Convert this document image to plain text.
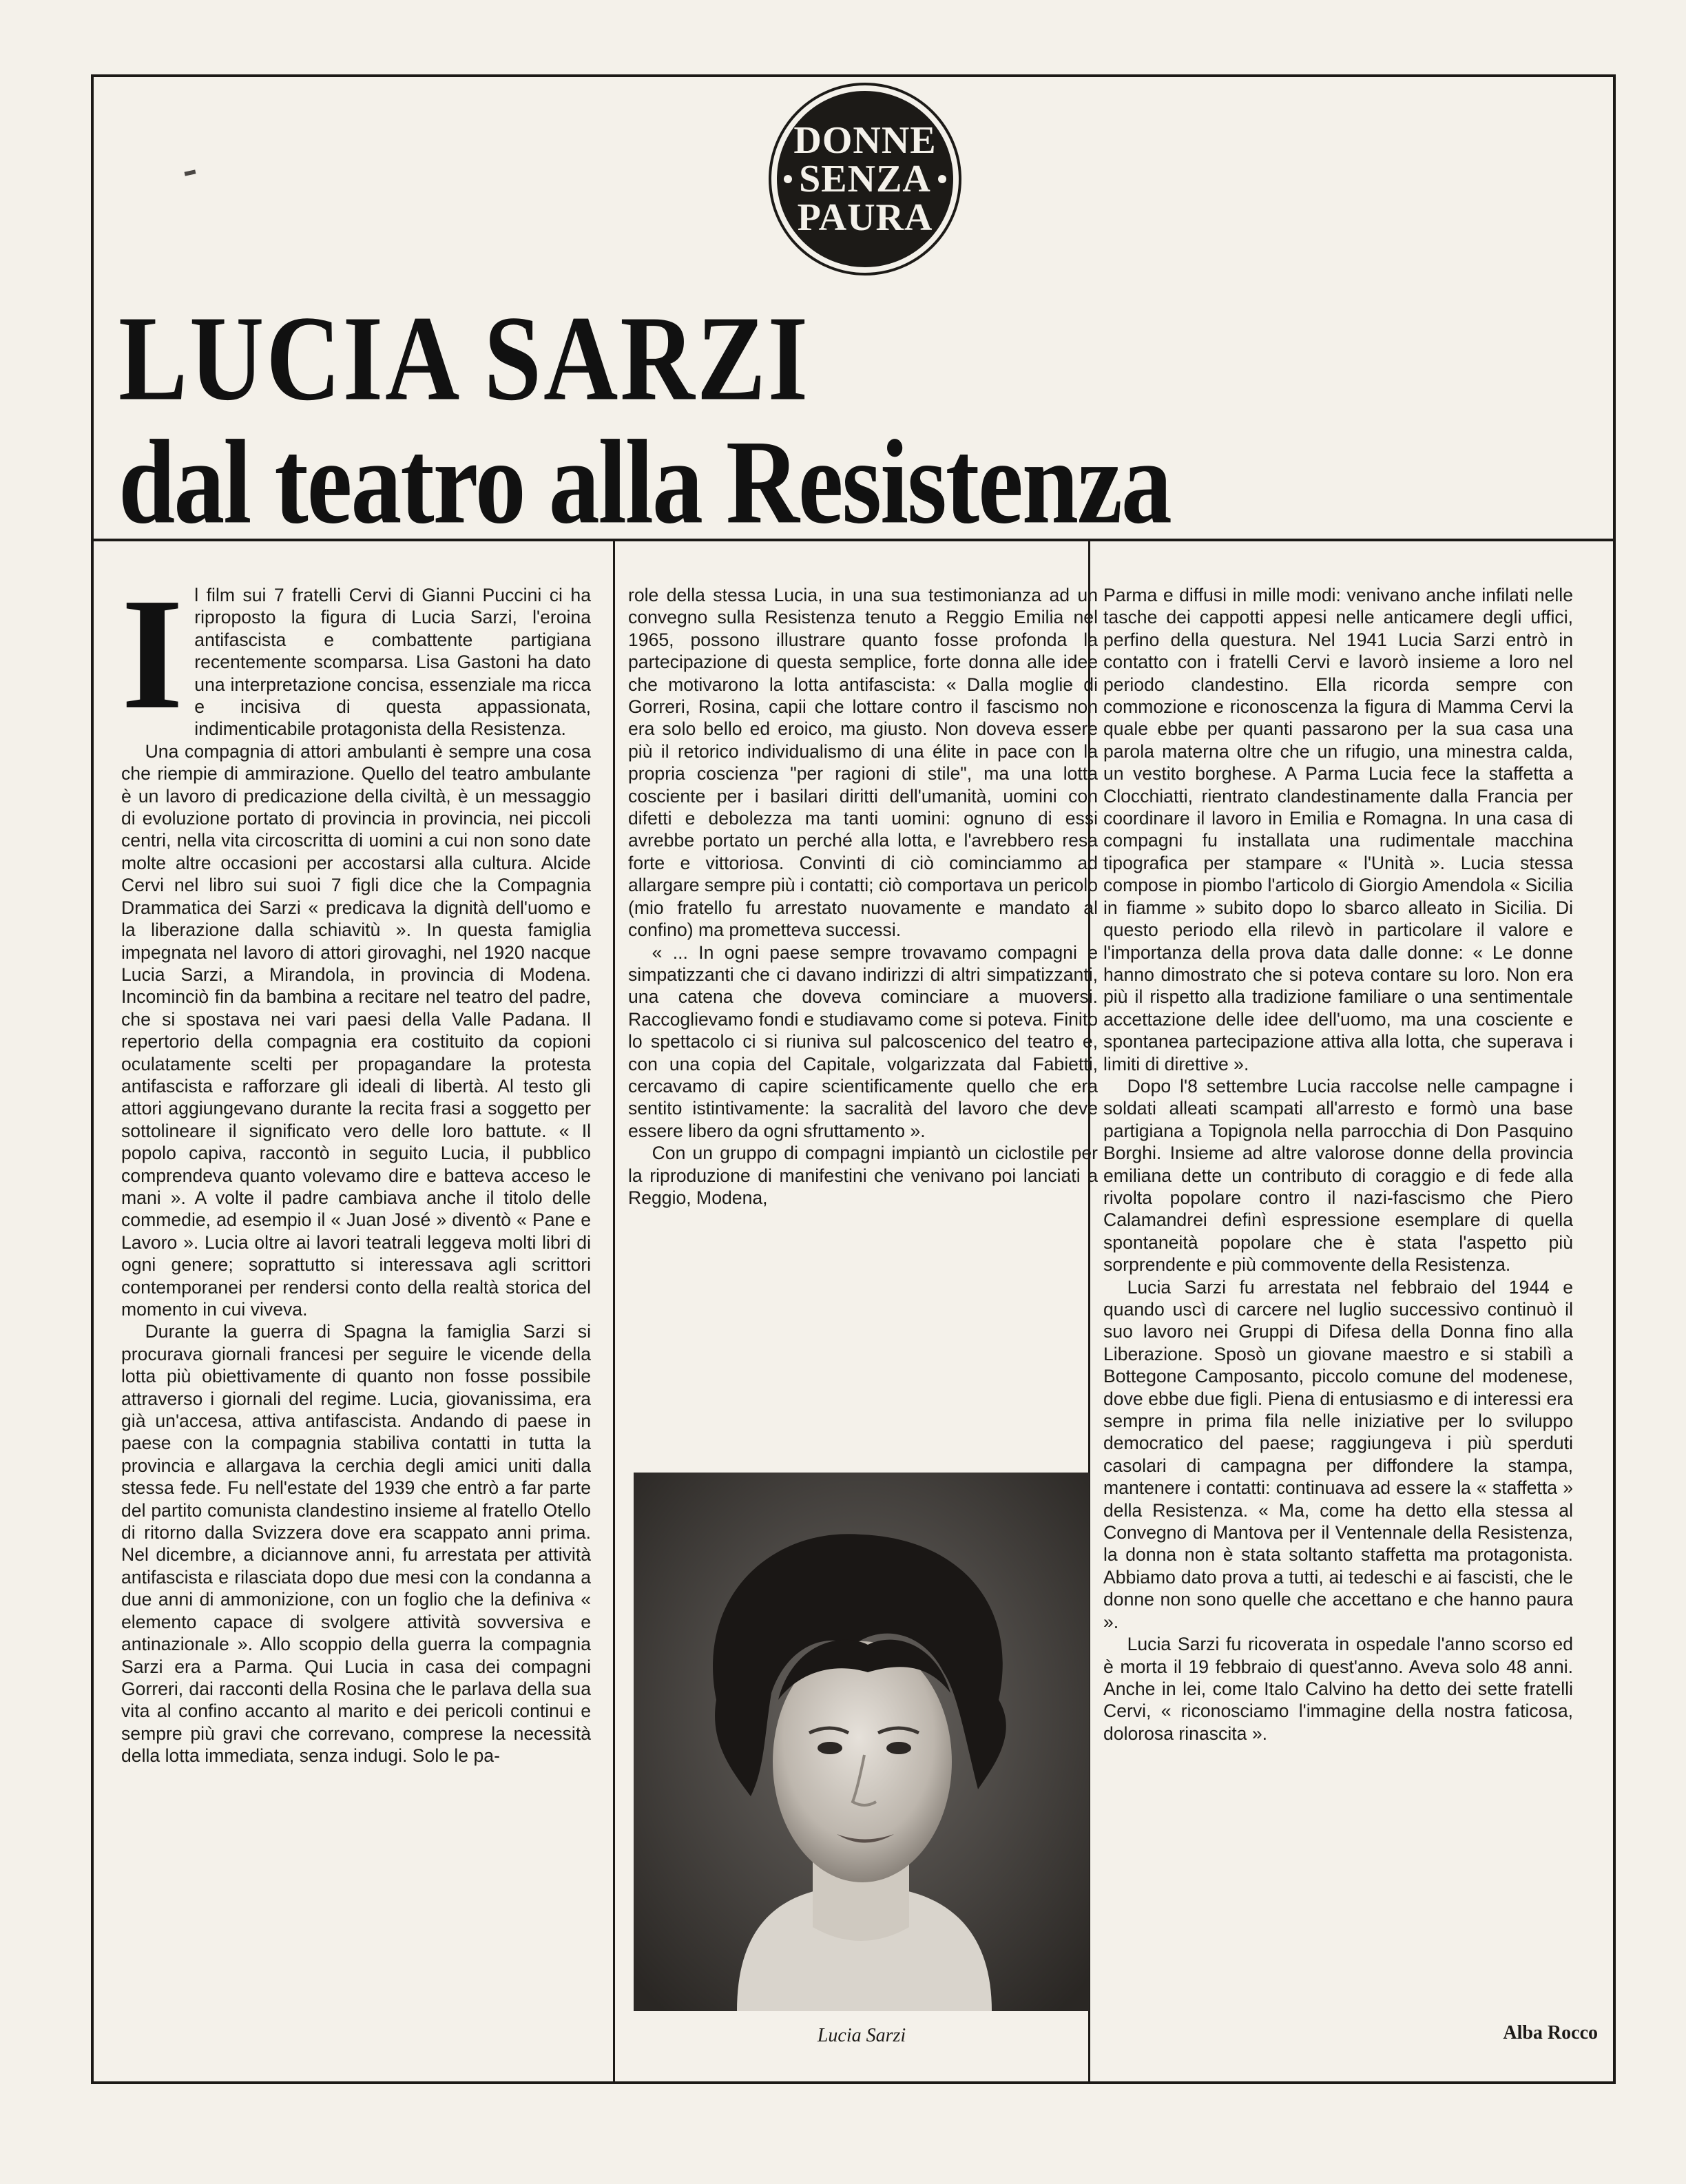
DONNE
SENZA
PAURA
LUCIA SARZI
dal teatro alla Resistenza
I l film sui 7 fratelli Cervi di Gianni Puccini ci ha riproposto la figura di Lucia Sarzi, l'eroina antifascista e combattente partigiana recentemente scomparsa. Lisa Gastoni ha dato una interpretazione concisa, essenziale ma ricca e incisiva di questa appassionata, indimenticabile protagonista della Resistenza.

Una compagnia di attori ambulanti è sempre una cosa che riempie di ammirazione. Quello del teatro ambulante è un lavoro di predicazione della civiltà, è un messaggio di evoluzione portato di provincia in provincia, nei piccoli centri, nella vita circoscritta di uomini a cui non sono date molte altre occasioni per accostarsi alla cultura. Alcide Cervi nel libro sui suoi 7 figli dice che la Compagnia Drammatica dei Sarzi « predicava la dignità dell'uomo e la liberazione dalla schiavitù ». In questa famiglia impegnata nel lavoro di attori girovaghi, nel 1920 nacque Lucia Sarzi, a Mirandola, in provincia di Modena. Incominciò fin da bambina a recitare nel teatro del padre, che si spostava nei vari paesi della Valle Padana. Il repertorio della compagnia era costituito da copioni oculatamente scelti per propagandare la protesta antifascista e rafforzare gli ideali di libertà. Al testo gli attori aggiungevano durante la recita frasi a soggetto per sottolineare il significato vero delle loro battute. « Il popolo capiva, raccontò in seguito Lucia, il pubblico comprendeva quanto volevamo dire e batteva acceso le mani ». A volte il padre cambiava anche il titolo delle commedie, ad esempio il « Juan José » diventò « Pane e Lavoro ». Lucia oltre ai lavori teatrali leggeva molti libri di ogni genere; soprattutto si interessava agli scrittori contemporanei per rendersi conto della realtà storica del momento in cui viveva.

Durante la guerra di Spagna la famiglia Sarzi si procurava giornali francesi per seguire le vicende della lotta più obiettivamente di quanto non fosse possibile attraverso i giornali del regime. Lucia, giovanissima, era già un'accesa, attiva antifascista. Andando di paese in paese con la compagnia stabiliva contatti in tutta la provincia e allargava la cerchia degli amici uniti dalla stessa fede. Fu nell'estate del 1939 che entrò a far parte del partito comunista clandestino insieme al fratello Otello di ritorno dalla Svizzera dove era scappato anni prima. Nel dicembre, a diciannove anni, fu arrestata per attività antifascista e rilasciata dopo due mesi con la condanna a due anni di ammonizione, con un foglio che la definiva « elemento capace di svolgere attività sovversiva e antinazionale ». Allo scoppio della guerra la compagnia Sarzi era a Parma. Qui Lucia in casa dei compagni Gorreri, dai racconti della Rosina che le parlava della sua vita al confino accanto al marito e dei pericoli continui e sempre più gravi che correvano, comprese la necessità della lotta immediata, senza indugi. Solo le pa-

role della stessa Lucia, in una sua testimonianza ad un convegno sulla Resistenza tenuto a Reggio Emilia nel 1965, possono illustrare quanto fosse profonda la partecipazione di questa semplice, forte donna alle idee che motivarono la lotta antifascista: « Dalla moglie di Gorreri, Rosina, capii che lottare contro il fascismo non era solo bello ed eroico, ma giusto. Non doveva essere più il retorico individualismo di una élite in pace con la propria coscienza "per ragioni di stile", ma una lotta cosciente per i basilari diritti dell'umanità, uomini con difetti e debolezza ma tanti uomini: ognuno di essi avrebbe portato un perché alla lotta, e l'avrebbero resa forte e vittoriosa. Convinti di ciò cominciammo ad allargare sempre più i contatti; ciò comportava un pericolo (mio fratello fu arrestato nuovamente e mandato al confino) ma prometteva successi.

« ... In ogni paese sempre trovavamo compagni e simpatizzanti che ci davano indirizzi di altri simpatizzanti, una catena che doveva cominciare a muoversi. Raccoglievamo fondi e studiavamo come si poteva. Finito lo spettacolo ci si riuniva sul palcoscenico del teatro e, con una copia del Capitale, volgarizzata dal Fabietti, cercavamo di capire scientificamente quello che era sentito istintivamente: la sacralità del lavoro che deve essere libero da ogni sfruttamento ».

Con un gruppo di compagni impiantò un ciclostile per la riproduzione di manifestini che venivano poi lanciati a Reggio, Modena,

Lucia Sarzi

Parma e diffusi in mille modi: venivano anche infilati nelle tasche dei cappotti appesi nelle anticamere degli uffici, perfino della questura. Nel 1941 Lucia Sarzi entrò in contatto con i fratelli Cervi e lavorò insieme a loro nel periodo clandestino. Ella ricorda sempre con commozione e riconoscenza la figura di Mamma Cervi la quale ebbe per quanti passarono per la sua casa una parola materna oltre che un rifugio, una minestra calda, un vestito borghese. A Parma Lucia fece la staffetta a Clocchiatti, rientrato clandestinamente dalla Francia per coordinare il lavoro in Emilia e Romagna. In una casa di compagni fu installata una rudimentale macchina tipografica per stampare « l'Unità ». Lucia stessa compose in piombo l'articolo di Giorgio Amendola « Sicilia in fiamme » subito dopo lo sbarco alleato in Sicilia. Di questo periodo ella rilevò in particolare il valore e l'importanza della prova data dalle donne: « Le donne hanno dimostrato che si poteva contare su loro. Non era più il rispetto alla tradizione familiare o una sentimentale accettazione delle idee dell'uomo, ma una cosciente e spontanea partecipazione attiva alla lotta, che superava i limiti di direttive ».

Dopo l'8 settembre Lucia raccolse nelle campagne i soldati alleati scampati all'arresto e formò una base partigiana a Topignola nella parrocchia di Don Pasquino Borghi. Insieme ad altre valorose donne della provincia emiliana dette un contributo di coraggio e di fede alla rivolta popolare contro il nazi-fascismo che Piero Calamandrei definì espressione esemplare di quella spontaneità popolare che è stata l'aspetto più sorprendente e più commovente della Resistenza.

Lucia Sarzi fu arrestata nel febbraio del 1944 e quando uscì di carcere nel luglio successivo continuò il suo lavoro nei Gruppi di Difesa della Donna fino alla Liberazione. Sposò un giovane maestro e si stabilì a Bottegone Camposanto, piccolo comune del modenese, dove ebbe due figli. Piena di entusiasmo e di interessi era sempre in prima fila nelle iniziative per lo sviluppo democratico del paese; raggiungeva i più sperduti casolari di campagna per diffondere la stampa, mantenere i contatti: continuava ad essere la « staffetta » della Resistenza. « Ma, come ha detto ella stessa al Convegno di Mantova per il Ventennale della Resistenza, la donna non è stata soltanto staffetta ma protagonista. Abbiamo dato prova a tutti, ai tedeschi e ai fascisti, che le donne non sono quelle che accettano e che hanno paura ».

Lucia Sarzi fu ricoverata in ospedale l'anno scorso ed è morta il 19 febbraio di quest'anno. Aveva solo 48 anni. Anche in lei, come Italo Calvino ha detto dei sette fratelli Cervi, « riconosciamo l'immagine della nostra faticosa, dolorosa rinascita ».

Alba Rocco
